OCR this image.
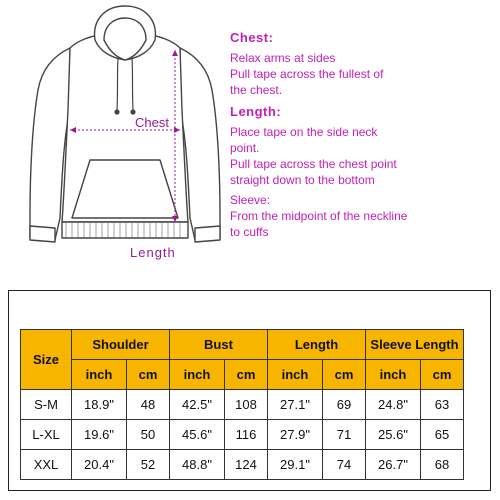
Chest
Length
Chest:
Relax arms at sides
Pull tape across the fullest of
the chest.
Length:
Place tape on the side neck
point.
Pull tape across the chest point
straight down to the bottom
Sleeve:
From the midpoint of the neckline
to cuffs
Size	Shoulder		Bust		Length		Sleeve Length	
	inch	cm	inch	cm	inch	cm	inch	cm
S-M	18.9"	48	42.5"	108	27.1"	69	24.8"	63
L-XL	19.6"	50	45.6"	116	27.9"	71	25.6"	65
XXL	20.4"	52	48.8"	124	29.1"	74	26.7"	68
